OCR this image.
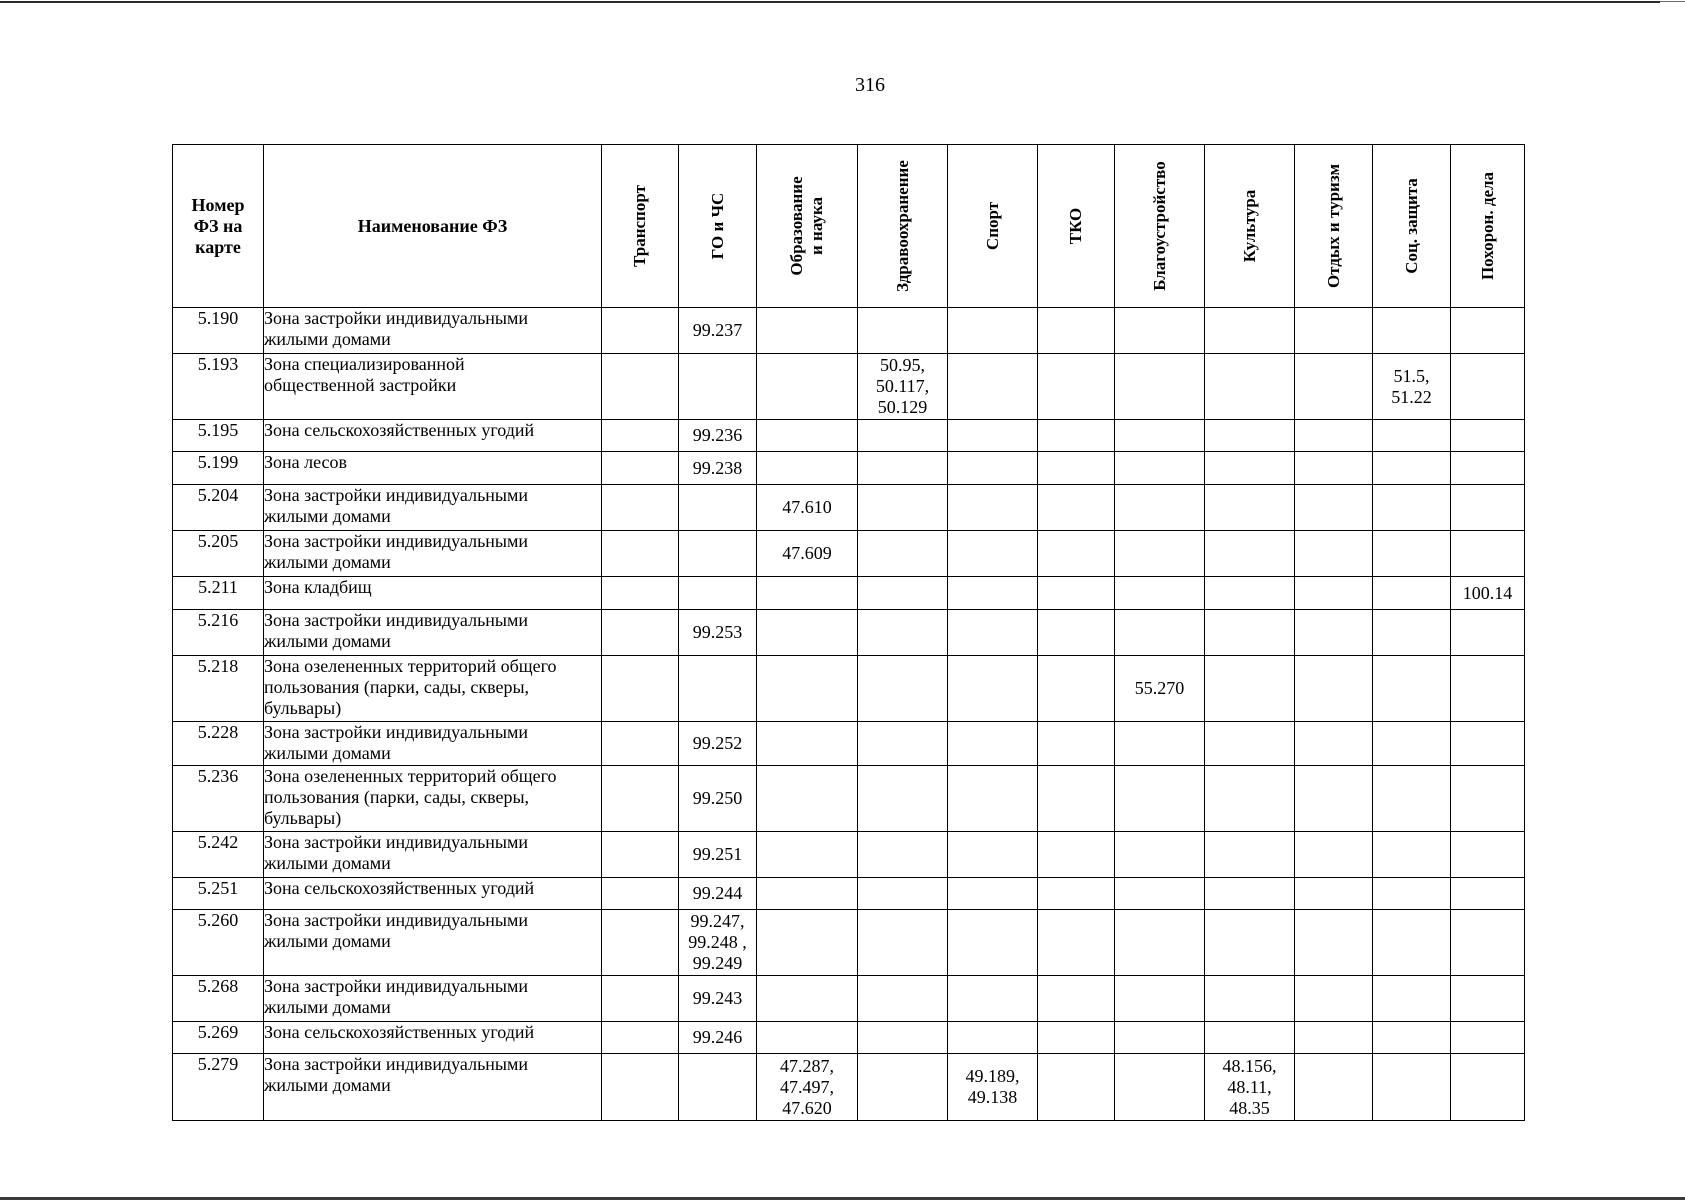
316
Номер
ФЗ на
карте	Наименование ФЗ	Транспорт	ГО и ЧС	Образование
и наука	Здравоохранение	Спорт	ТКО	Благоустройство	Культура	Отдых и туризм	Соц. защита	Похорон. дела

5.190	Зона застройки индивидуальными
жилыми домами		99.237									
5.193	Зона специализированной
общественной застройки				50.95,
50.117,
50.129						51.5,
51.22	
5.195	Зона сельскохозяйственных угодий		99.236									
5.199	Зона лесов		99.238									
5.204	Зона застройки индивидуальными
жилыми домами			47.610								
5.205	Зона застройки индивидуальными
жилыми домами			47.609								
5.211	Зона кладбищ											100.14
5.216	Зона застройки индивидуальными
жилыми домами		99.253									
5.218	Зона озелененных территорий общего
пользования (парки, сады, скверы,
бульвары)							55.270				
5.228	Зона застройки индивидуальными
жилыми домами		99.252									
5.236	Зона озелененных территорий общего
пользования (парки, сады, скверы,
бульвары)		99.250									
5.242	Зона застройки индивидуальными
жилыми домами		99.251									
5.251	Зона сельскохозяйственных угодий		99.244									
5.260	Зона застройки индивидуальными
жилыми домами		99.247,
99.248 ,
99.249									
5.268	Зона застройки индивидуальными
жилыми домами		99.243									
5.269	Зона сельскохозяйственных угодий		99.246									
5.279	Зона застройки индивидуальными
жилыми домами			47.287,
47.497,
47.620		49.189,
49.138			48.156,
48.11,
48.35			
